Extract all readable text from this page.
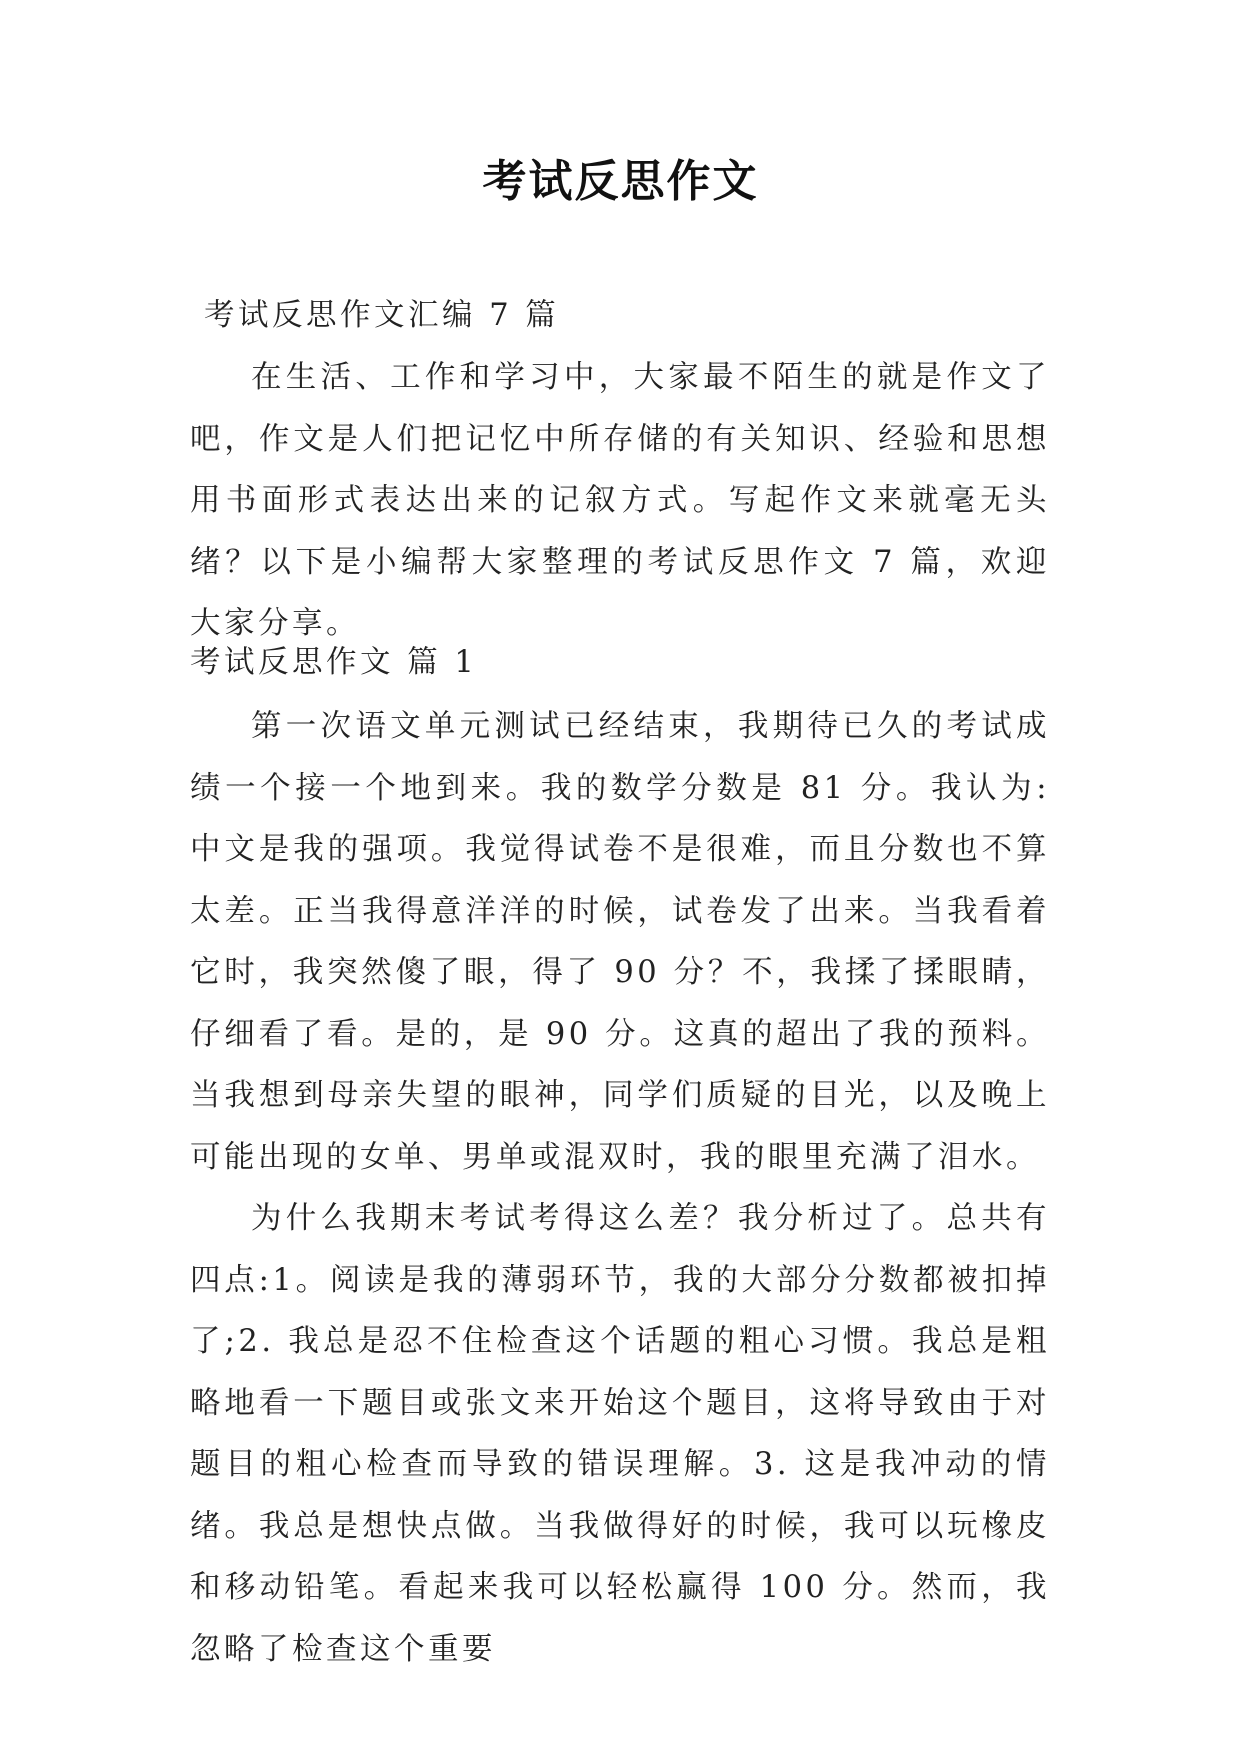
考试反思作文
考试反思作文汇编 7 篇

在生活、工作和学习中，大家最不陌生的就是作文了吧，作文是人们把记忆中所存储的有关知识、经验和思想用书面形式表达出来的记叙方式。写起作文来就毫无头绪？以下是小编帮大家整理的考试反思作文 7 篇，欢迎大家分享。

考试反思作文 篇 1

第一次语文单元测试已经结束，我期待已久的考试成绩一个接一个地到来。我的数学分数是 81 分。我认为:中文是我的强项。我觉得试卷不是很难，而且分数也不算太差。正当我得意洋洋的时候，试卷发了出来。当我看着它时，我突然傻了眼，得了 90 分？不，我揉了揉眼睛，仔细看了看。是的，是 90 分。这真的超出了我的预料。当我想到母亲失望的眼神，同学们质疑的目光，以及晚上可能出现的女单、男单或混双时，我的眼里充满了泪水。

为什么我期末考试考得这么差？我分析过了。总共有四点:1。阅读是我的薄弱环节，我的大部分分数都被扣掉了;2. 我总是忍不住检查这个话题的粗心习惯。我总是粗略地看一下题目或张文来开始这个题目，这将导致由于对题目的粗心检查而导致的错误理解。3. 这是我冲动的情绪。我总是想快点做。当我做得好的时候，我可以玩橡皮和移动铅笔。看起来我可以轻松赢得 100 分。然而，我忽略了检查这个重要
